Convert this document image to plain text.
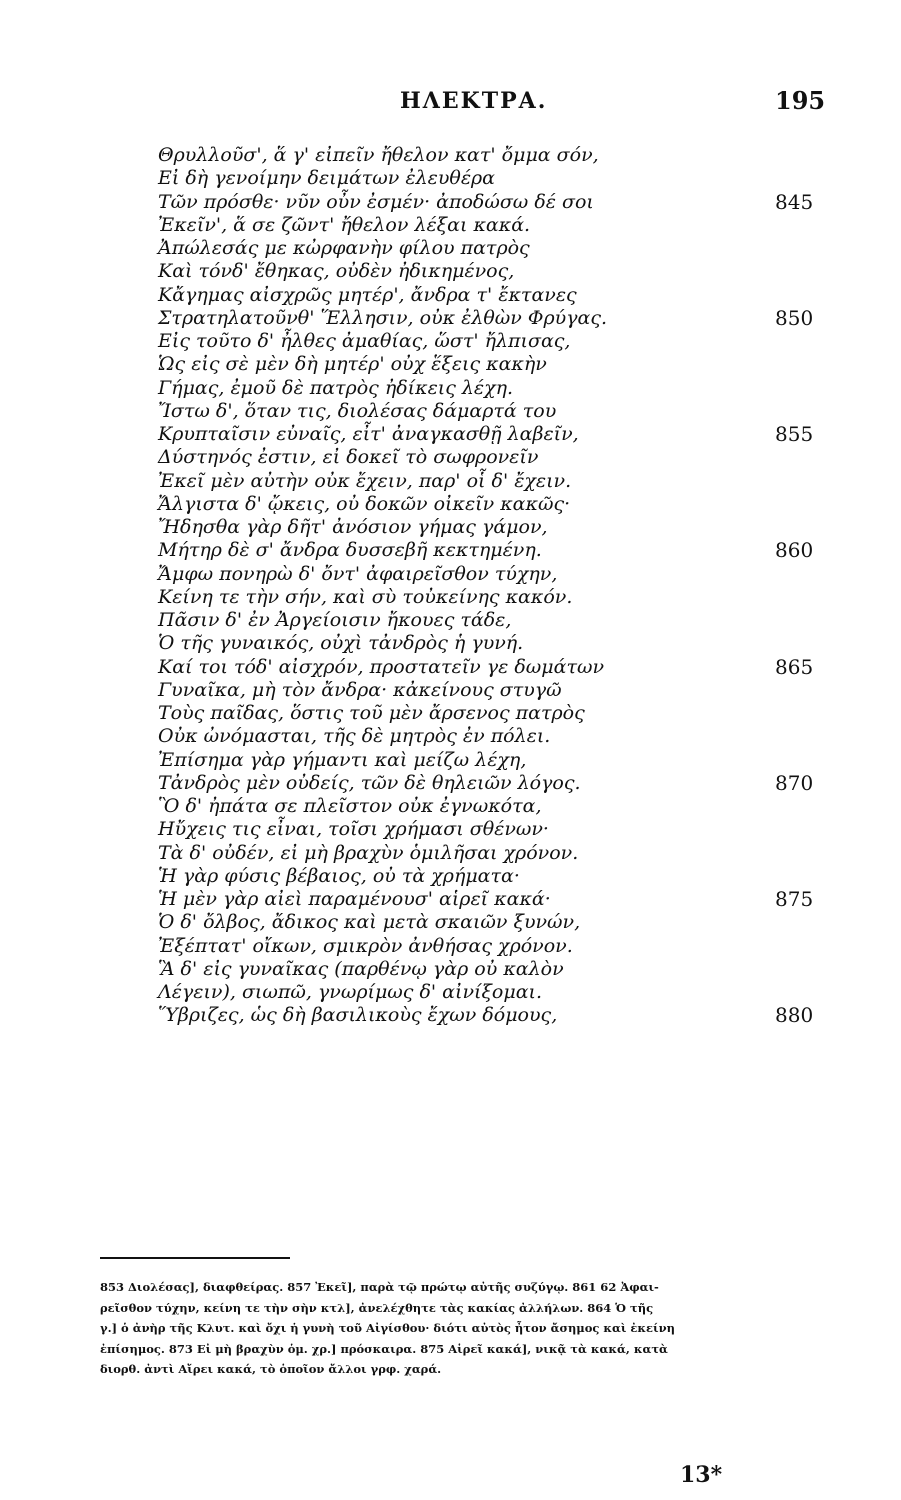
ΗΛΕΚΤΡΑ.	195
Θρυλλοῦσ', ἅ γ' εἰπεῖν ἤθελον κατ' ὄμμα σόν,
Εἰ δὴ γενοίμην δειμάτων ἐλευθέρα
Τῶν πρόσθε· νῦν οὖν ἐσμέν· ἀποδώσω δέ σοι	845
Ἐκεῖν', ἅ σε ζῶντ' ἤθελον λέξαι κακά.
Ἀπώλεσάς με κὠρφανὴν φίλου πατρὸς
Καὶ τόνδ' ἔθηκας, οὐδὲν ἠδικημένος,
Κἄγημας αἰσχρῶς μητέρ', ἄνδρα τ' ἔκτανες
Στρατηλατοῦνθ' Ἕλλησιν, οὐκ ἐλθὼν Φρύγας.	850
Εἰς τοῦτο δ' ἦλθες ἀμαθίας, ὥστ' ἤλπισας,
Ὡς εἰς σὲ μὲν δὴ μητέρ' οὐχ ἕξεις κακὴν
Γήμας, ἐμοῦ δὲ πατρὸς ἠδίκεις λέχη.
Ἴστω δ', ὅταν τις, διολέσας δάμαρτά του
Κρυπταῖσιν εὐναῖς, εἶτ' ἀναγκασθῇ λαβεῖν,	855
Δύστηνός ἐστιν, εἰ δοκεῖ τὸ σωφρονεῖν
Ἐκεῖ μὲν αὐτὴν οὐκ ἔχειν, παρ' οἷ δ' ἔχειν.
Ἄλγιστα δ' ᾤκεις, οὐ δοκῶν οἰκεῖν κακῶς·
Ἤδησθα γὰρ δῆτ' ἀνόσιον γήμας γάμον,
Μήτηρ δὲ σ' ἄνδρα δυσσεβῆ κεκτημένη.	860
Ἄμφω πονηρὼ δ' ὄντ' ἀφαιρεῖσθον τύχην,
Κείνη τε τὴν σήν, καὶ σὺ τοὐκείνης κακόν.
Πᾶσιν δ' ἐν Ἀργείοισιν ἤκουες τάδε,
Ὁ τῆς γυναικός, οὐχὶ τἀνδρὸς ἡ γυνή.
Καί τοι τόδ' αἰσχρόν, προστατεῖν γε δωμάτων	865
Γυναῖκα, μὴ τὸν ἄνδρα· κἀκείνους στυγῶ
Τοὺς παῖδας, ὅστις τοῦ μὲν ἄρσενος πατρὸς
Οὐκ ὠνόμασται, τῆς δὲ μητρὸς ἐν πόλει.
Ἐπίσημα γὰρ γήμαντι καὶ μείζω λέχη,
Τἀνδρὸς μὲν οὐδείς, τῶν δὲ θηλειῶν λόγος.	870
Ὃ δ' ἠπάτα σε πλεῖστον οὐκ ἐγνωκότα,
Ηὔχεις τις εἶναι, τοῖσι χρήμασι σθένων·
Τὰ δ' οὐδέν, εἰ μὴ βραχὺν ὁμιλῆσαι χρόνον.
Ἡ γὰρ φύσις βέβαιος, οὐ τὰ χρήματα·
Ἡ μὲν γὰρ αἰεὶ παραμένουσ' αἱρεῖ κακά·	875
Ὁ δ' ὄλβος, ἄδικος καὶ μετὰ σκαιῶν ξυνών,
Ἐξέπτατ' οἴκων, σμικρὸν ἀνθήσας χρόνον.
Ἃ δ' εἰς γυναῖκας (παρθένῳ γὰρ οὐ καλὸν
Λέγειν), σιωπῶ, γνωρίμως δ' αἰνίξομαι.
Ὕβριζες, ὡς δὴ βασιλικοὺς ἔχων δόμους,	880
853 Διολέσας], διαφθείρας. 857 Ἐκεῖ], παρὰ τῷ πρώτῳ αὐτῆς συζύγῳ. 861 62 Ἀφαι-
ρεῖσθον τύχην, κείνη τε τὴν σὴν κτλ], ἀνελέχθητε τὰς κακίας ἀλλήλων. 864 Ὁ τῆς
γ.] ὁ ἀνὴρ τῆς Κλυτ. καὶ ὄχι ἡ γυνὴ τοῦ Αἰγίσθου· διότι αὐτὸς ἦτον ἄσημος καὶ ἐκείνη
ἐπίσημος. 873 Εἰ μὴ βραχὺν ὁμ. χρ.] πρόσκαιρα. 875 Αἱρεῖ κακά], νικᾷ τὰ κακά, κατὰ
διορθ. ἀντὶ Αἴρει κακά, τὸ ὁποῖον ἄλλοι γρφ. χαρά.
13*
